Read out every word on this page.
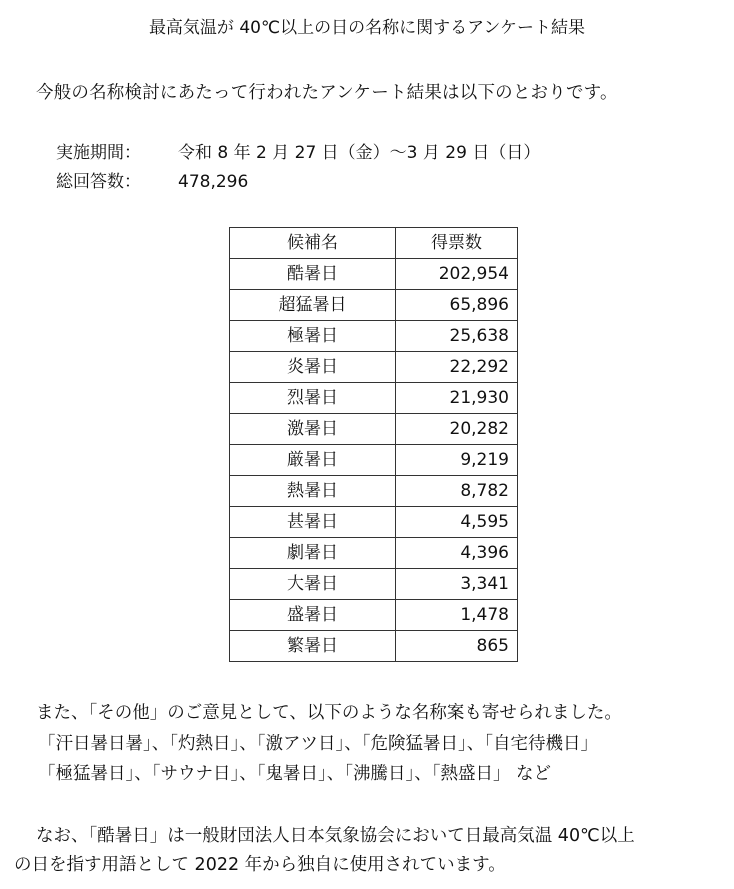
最高気温が 40℃以上の日の名称に関するアンケート結果
今般の名称検討にあたって行われたアンケート結果は以下のとおりです。
実施期間：	令和 8 年 2 月 27 日（金）～3 月 29 日（日）
総回答数：	478,296
候補名	得票数
酷暑日	202,954
超猛暑日	65,896
極暑日	25,638
炎暑日	22,292
烈暑日	21,930
激暑日	20,282
厳暑日	9,219
熱暑日	8,782
甚暑日	4,595
劇暑日	4,396
大暑日	3,341
盛暑日	1,478
繁暑日	865
また、「その他」のご意見として、以下のような名称案も寄せられました。
「汗日暑日暑」、「灼熱日」、「激アツ日」、「危険猛暑日」、「自宅待機日」
「極猛暑日」、「サウナ日」、「鬼暑日」、「沸騰日」、「熱盛日」 など
なお、「酷暑日」は一般財団法人日本気象協会において日最高気温 40℃以上
の日を指す用語として 2022 年から独自に使用されています。
